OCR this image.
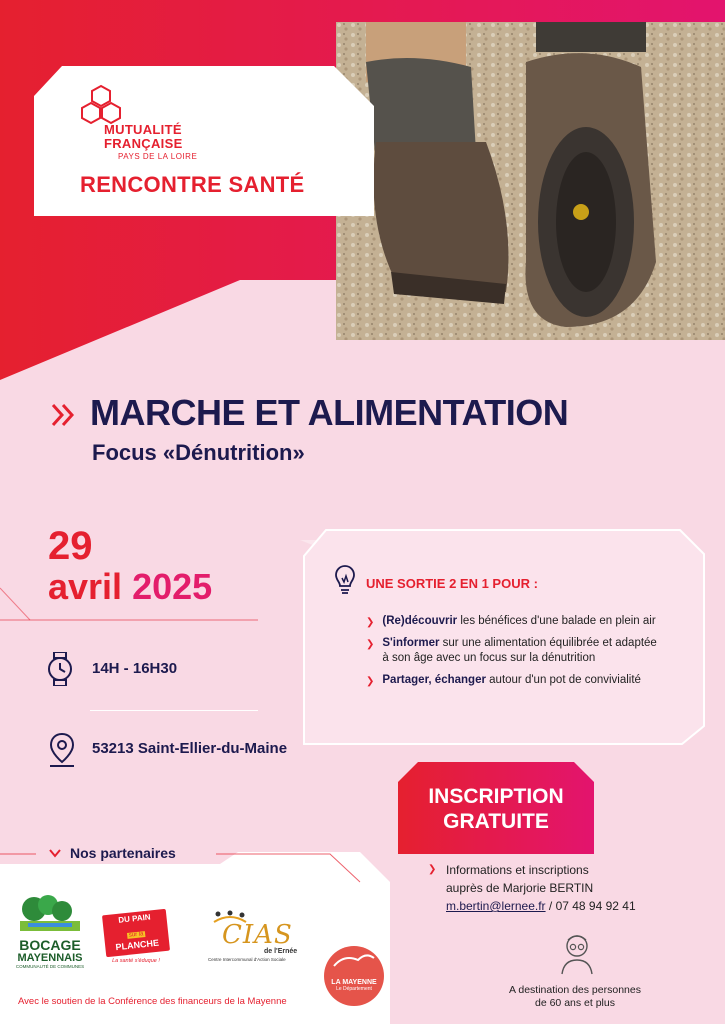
MUTUALITÉ
FRANÇAISE
PAYS DE LA LOIRE
RENCONTRE SANTÉ
MARCHE ET ALIMENTATION
Focus «Dénutrition»
29
avril 2025
14H - 16H30
53213 Saint-Ellier-du-Maine
UNE SORTIE 2 EN 1 POUR :
❯ (Re)découvrir les bénéfices d'une balade en plein air
❯ S'informer sur une alimentation équilibrée et adaptée à son âge avec un focus sur la dénutrition
❯ Partager, échanger autour d'un pot de convivialité
INSCRIPTION
GRATUITE
❯ Informations et inscriptions
auprès de Marjorie BERTIN
m.bertin@lernee.fr / 07 48 94 92 41
A destination des personnes
de 60 ans et plus
Nos partenaires
BOCAGE
MAYENNAIS
COMMUNAUTÉ DE COMMUNES
DU PAIN
sur la
PLANCHE
La santé s'éduque !
CIAS
de l'Ernée
Centre Intercommunal d'Action Sociale
LA MAYENNE
Le Département
Avec le soutien de la Conférence des financeurs de la Mayenne
